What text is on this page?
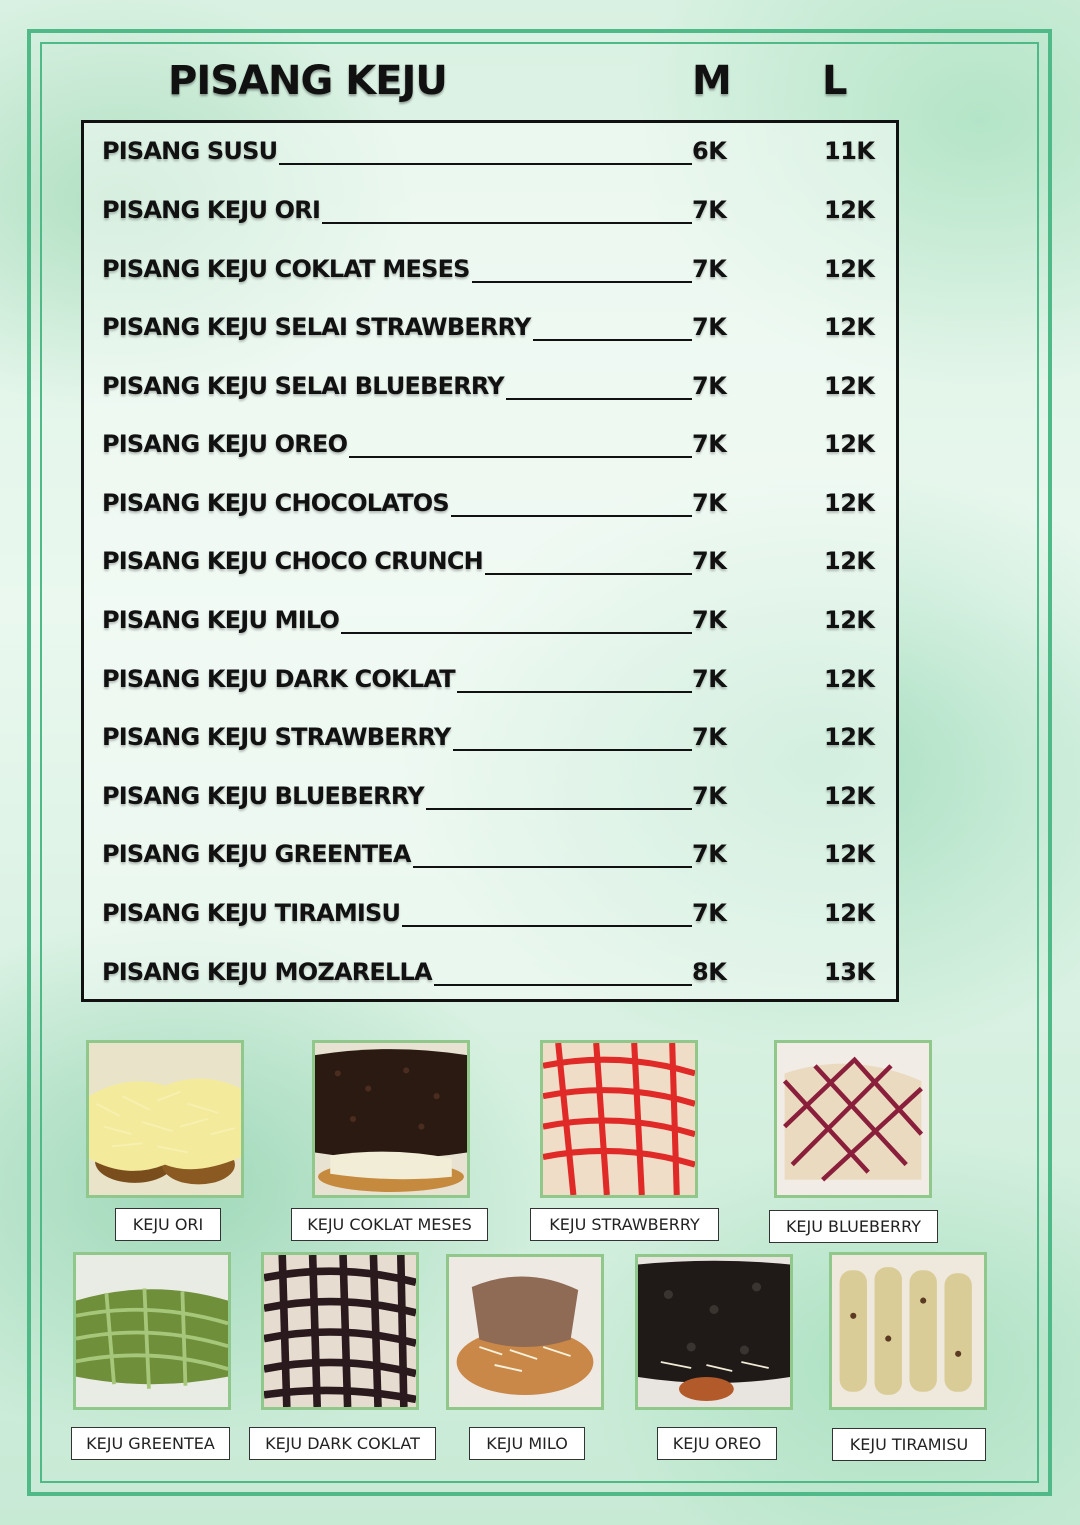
PISANG KEJU	M L
PISANG SUSU	6K	11K
PISANG KEJU ORI	7K	12K
PISANG KEJU COKLAT MESES	7K	12K
PISANG KEJU SELAI STRAWBERRY	7K	12K
PISANG KEJU SELAI BLUEBERRY	7K	12K
PISANG KEJU OREO	7K	12K
PISANG KEJU CHOCOLATOS	7K	12K
PISANG KEJU CHOCO CRUNCH	7K	12K
PISANG KEJU MILO	7K	12K
PISANG KEJU DARK COKLAT	7K	12K
PISANG KEJU STRAWBERRY	7K	12K
PISANG KEJU BLUEBERRY	7K	12K
PISANG KEJU GREENTEA	7K	12K
PISANG KEJU TIRAMISU	7K	12K
PISANG KEJU MOZARELLA	8K	13K
KEJU ORI	KEJU COKLAT MESES	KEJU STRAWBERRY	KEJU BLUEBERRY
KEJU GREENTEA	KEJU DARK COKLAT	KEJU MILO	KEJU OREO	KEJU TIRAMISU
